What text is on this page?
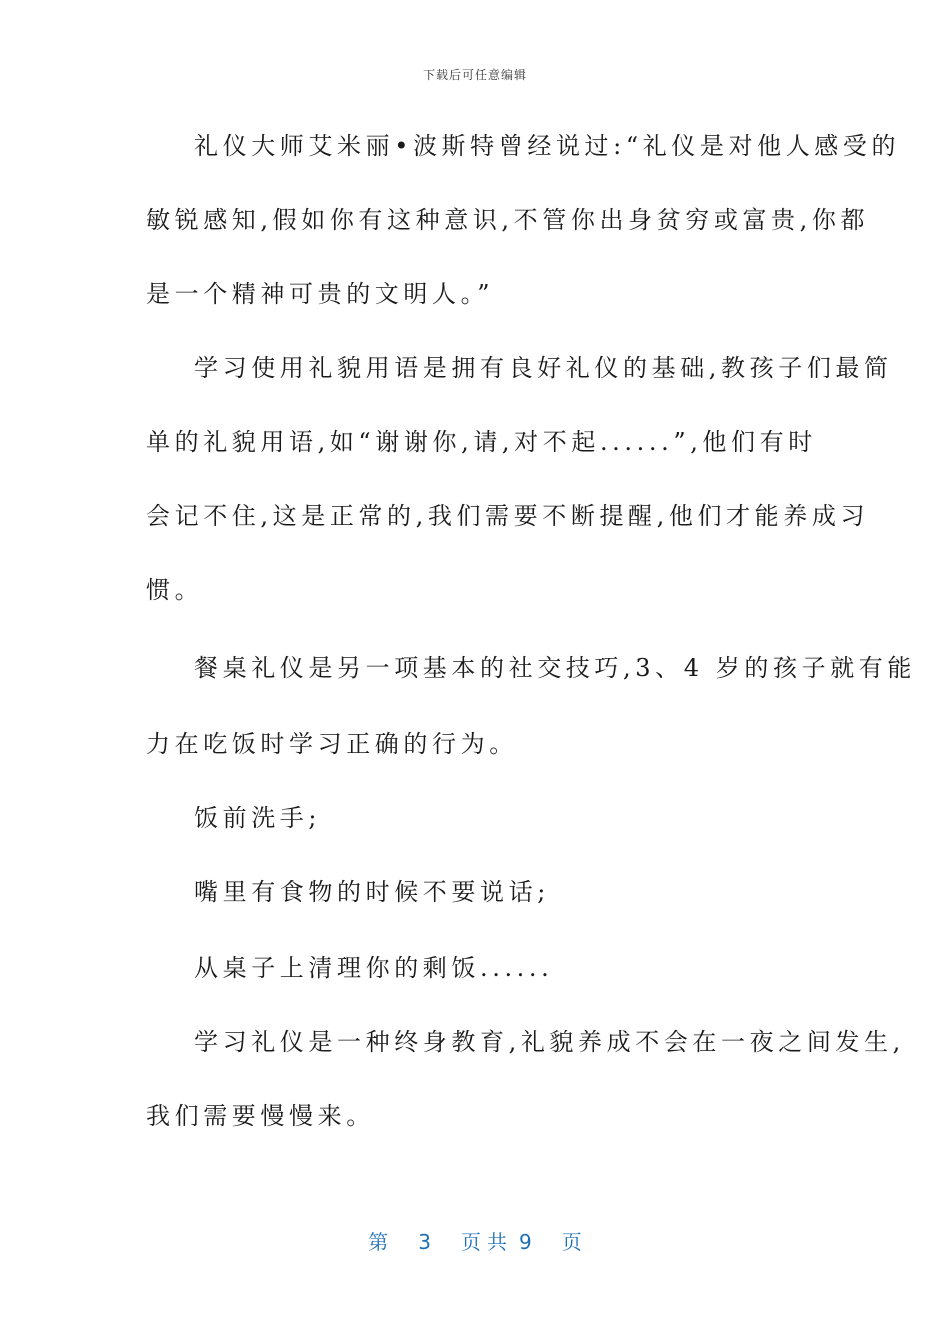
下载后可任意编辑
礼仪大师艾米丽•波斯特曾经说过:“礼仪是对他人感受的
敏锐感知,假如你有这种意识,不管你出身贫穷或富贵,你都
是一个精神可贵的文明人。”
学习使用礼貌用语是拥有良好礼仪的基础,教孩子们最简
单的礼貌用语,如“谢谢你,请,对不起......”,他们有时
会记不住,这是正常的,我们需要不断提醒,他们才能养成习
惯。
餐桌礼仪是另一项基本的社交技巧,3、4 岁的孩子就有能
力在吃饭时学习正确的行为。
饭前洗手;
嘴里有食物的时候不要说话;
从桌子上清理你的剩饭......
学习礼仪是一种终身教育,礼貌养成不会在一夜之间发生,
我们需要慢慢来。
第 3 页共 9 页
